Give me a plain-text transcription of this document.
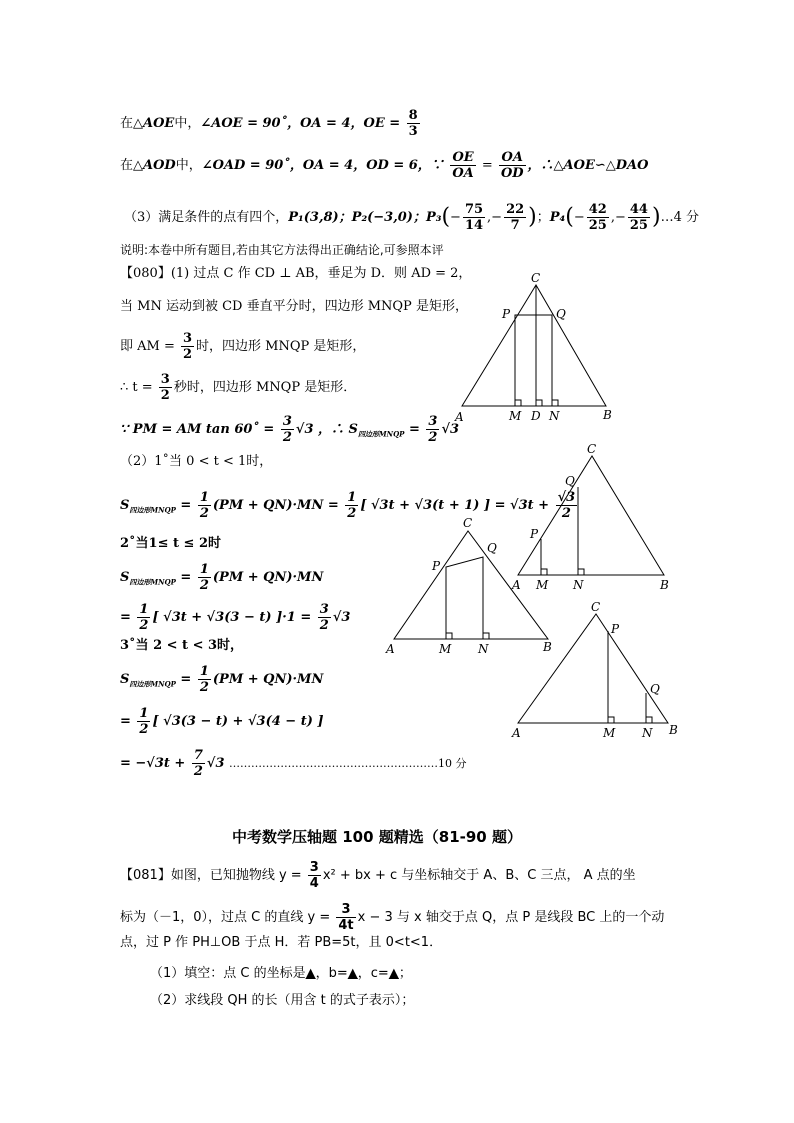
在△AOE中，∠AOE = 90˚，OA = 4，OE = $\frac{8}{3}$
在△AOD中，∠OAD = 90˚，OA = 4，OD = 6，∵ $\frac{OE}{OA} = \frac{OA}{OD}$ ，∴△AOE∽△DAO
（3）满足条件的点有四个，P₁(3,8)；P₂(−3,0)；$P_3(- \frac{75}{14}$ ,− $\frac{22}{7}$ )；$P_4(- \frac{42}{25}$ ,− $\frac{44}{25}$ )…4 分
说明:本卷中所有题目,若由其它方法得出正确结论,可参照本评
【080】(1) 过点 C 作 CD ⊥ AB，垂足为 D．则 AD = 2，
当 MN 运动到被 CD 垂直平分时，四边形 MNQP 是矩形，
即 AM = $\frac{3}{2}$ 时，四边形 MNQP 是矩形，
∴ $t = \frac{3}{2}$ 秒时，四边形 MNQP 是矩形．
∵ PM = AM tan 60˚ = $\frac{3}{2} √3$ ，∴ $S_{四边形MNQP} = \frac{3}{2} √3$
（2）1˚当 0 < t < 1时，
$S_{四边形MNQP} = \frac{1}{2} (PM + QN)\cdot MN = \frac{1}{2}$ [ √3t + √3(t + 1) ] = $√3t + \frac{√3}{2}$
2˚当1≤ t ≤ 2时
$S_{四边形MNQP} = \frac{1}{2} (PM + QN)\cdot MN$
= $\frac{1}{2}$ [ √3t + √3(3 − t) ]$\cdot 1 = \frac{3}{2} √3$
3˚当 2 < t < 3时，
$S_{四边形MNQP} = \frac{1}{2} (PM + QN)\cdot MN$
= $\frac{1}{2}$ [ √3(3 − t) + √3(4 − t) ]
= $-√3t + \frac{7}{2} √3$ …………………………………………………10 分
C
P	Q
A	M D N	B
C
Q
P
A M N	B
C
Q
P
A	M N	B
C
P
Q
A	M N B
中考数学压轴题 100 题精选（81-90 题）
【081】如图，已知抛物线 $y = \frac{3}{4} x^2$ + bx + c 与坐标轴交于 A、B、C 三点， A 点的坐
标为（－1，0），过点 C 的直线 $y = \frac{3}{4t}$ x − 3 与 x 轴交于点 Q，点 P 是线段 BC 上的一个动
点，过 P 作 PH⊥OB 于点 H．若 PB=5t，且 0<t<1．
（1）填空：点 C 的坐标是▲，b=▲，c=▲；
（2）求线段 QH 的长（用含 t 的式子表示）；
